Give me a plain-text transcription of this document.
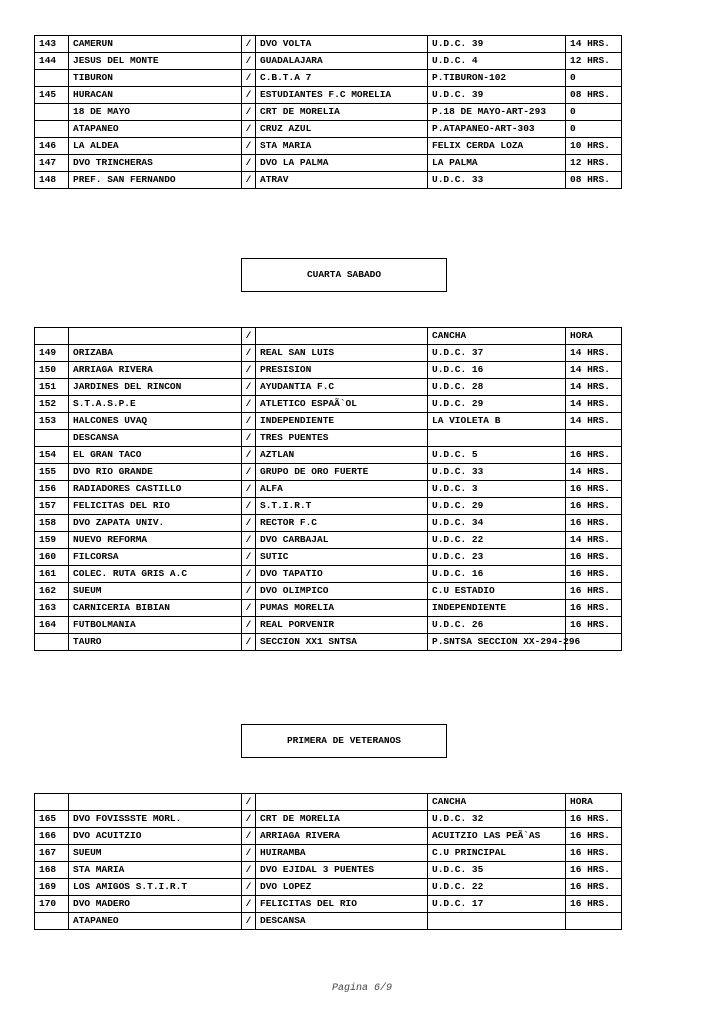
143	CAMERUN	/	DVO VOLTA	U.D.C. 39	14 HRS.
144	JESUS DEL MONTE	/	GUADALAJARA	U.D.C. 4	12 HRS.
	TIBURON	/	C.B.T.A 7	P.TIBURON-102	0
145	HURACAN	/	ESTUDIANTES F.C MORELIA	U.D.C. 39	08 HRS.
	18 DE MAYO	/	CRT DE MORELIA	P.18 DE MAYO-ART-293	0
	ATAPANEO	/	CRUZ AZUL	P.ATAPANEO-ART-303	0
146	LA ALDEA	/	STA MARIA	FELIX CERDA LOZA	10 HRS.
147	DVO TRINCHERAS	/	DVO LA PALMA	LA PALMA	12 HRS.
148	PREF. SAN FERNANDO	/	ATRAV	U.D.C. 33	08 HRS.
CUARTA SABADO
		/		CANCHA	HORA
149	ORIZABA	/	REAL SAN LUIS	U.D.C. 37	14 HRS.
150	ARRIAGA RIVERA	/	PRESISION	U.D.C. 16	14 HRS.
151	JARDINES DEL RINCON	/	AYUDANTIA F.C	U.D.C. 28	14 HRS.
152	S.T.A.S.P.E	/	ATLETICO ESPAÃ`OL	U.D.C. 29	14 HRS.
153	HALCONES UVAQ	/	INDEPENDIENTE	LA VIOLETA B	14 HRS.
	DESCANSA	/	TRES PUENTES		
154	EL GRAN TACO	/	AZTLAN	U.D.C. 5	16 HRS.
155	DVO RIO GRANDE	/	GRUPO DE ORO FUERTE	U.D.C. 33	14 HRS.
156	RADIADORES CASTILLO	/	ALFA	U.D.C. 3	16 HRS.
157	FELICITAS DEL RIO	/	S.T.I.R.T	U.D.C. 29	16 HRS.
158	DVO ZAPATA UNIV.	/	RECTOR F.C	U.D.C. 34	16 HRS.
159	NUEVO REFORMA	/	DVO CARBAJAL	U.D.C. 22	14 HRS.
160	FILCORSA	/	SUTIC	U.D.C. 23	16 HRS.
161	COLEC. RUTA GRIS A.C	/	DVO TAPATIO	U.D.C. 16	16 HRS.
162	SUEUM	/	DVO OLIMPICO	C.U ESTADIO	16 HRS.
163	CARNICERIA BIBIAN	/	PUMAS MORELIA	INDEPENDIENTE	16 HRS.
164	FUTBOLMANIA	/	REAL PORVENIR	U.D.C. 26	16 HRS.
	TAURO	/	SECCION XX1 SNTSA	P.SNTSA SECCION XX-294-296	
PRIMERA DE VETERANOS
		/		CANCHA	HORA
165	DVO FOVISSSTE MORL.	/	CRT DE MORELIA	U.D.C. 32	16 HRS.
166	DVO ACUITZIO	/	ARRIAGA RIVERA	ACUITZIO LAS PEÃ`AS	16 HRS.
167	SUEUM	/	HUIRAMBA	C.U PRINCIPAL	16 HRS.
168	STA MARIA	/	DVO EJIDAL 3 PUENTES	U.D.C. 35	16 HRS.
169	LOS AMIGOS S.T.I.R.T	/	DVO LOPEZ	U.D.C. 22	16 HRS.
170	DVO MADERO	/	FELICITAS DEL RIO	U.D.C. 17	16 HRS.
	ATAPANEO	/	DESCANSA		
Pagina 6/9
